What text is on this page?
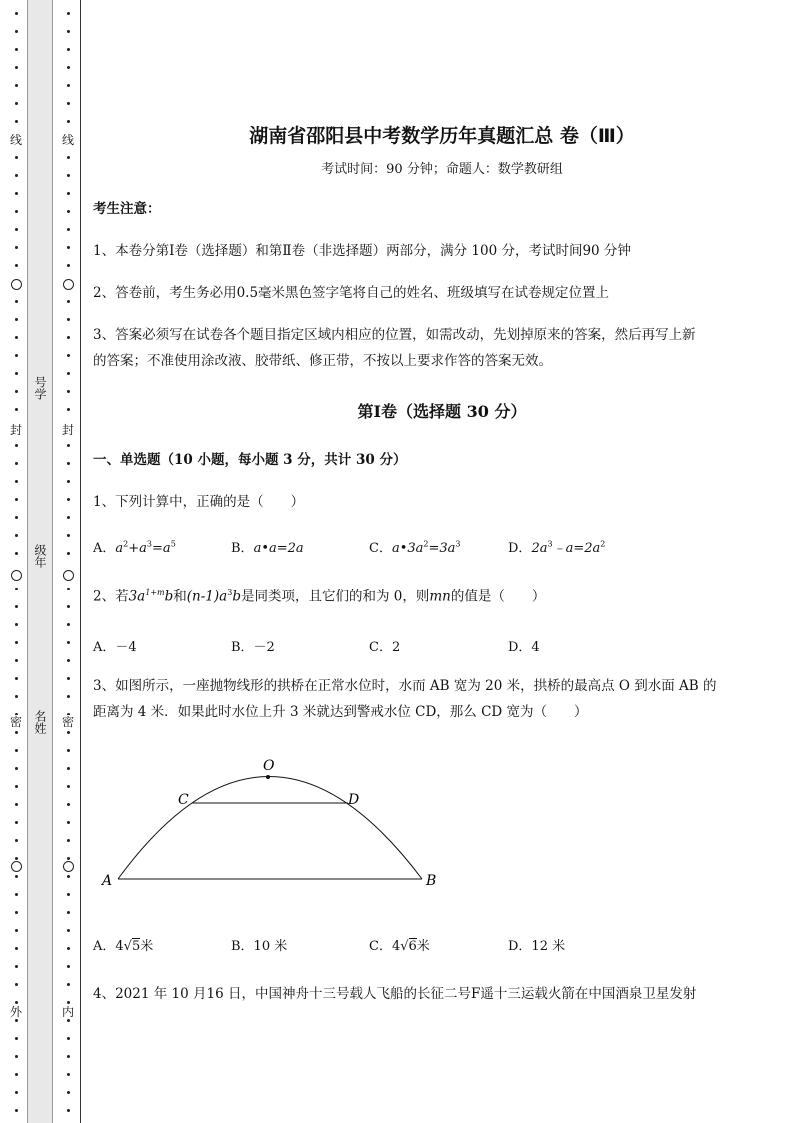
线
封
密
外
线
封
密
内
号学
级年
名姓
湖南省邵阳县中考数学历年真题汇总 卷（Ⅲ）
考试时间：90 分钟；命题人：数学教研组
考生注意：
1、本卷分第Ⅰ卷（选择题）和第Ⅱ卷（非选择题）两部分，满分 100 分，考试时间90 分钟
2、答卷前，考生务必用0.5毫米黑色签字笔将自己的姓名、班级填写在试卷规定位置上
3、答案必须写在试卷各个题目指定区域内相应的位置，如需改动，先划掉原来的答案，然后再写上新
的答案；不准使用涂改液、胶带纸、修正带，不按以上要求作答的答案无效。
第Ⅰ卷（选择题 30 分）
一、单选题（10 小题，每小题 3 分，共计 30 分）
1、下列计算中，正确的是（　　）
A．$a^2+a^3=a^5$	B．a•a=2a	C．$a•3a^2=3a^3$	D．$2a^3﹣a=2a^2$
2、若$3a^{1+m}b$和$(n-1)a^3b$是同类项，且它们的和为 0，则mn的值是（　　）
A．－4	B．－2	C．2	D．4
3、如图所示，一座抛物线形的拱桥在正常水位时，水而 AB 宽为 20 米，拱桥的最高点 O 到水面 AB 的
距离为 4 米．如果此时水位上升 3 米就达到警戒水位 CD，那么 CD 宽为（　　）
O
C	D
A	B
A．4√5米	B．10 米	C．4√6米	D．12 米
4、2021 年 10 月16 日，中国神舟十三号载人飞船的长征二号F遥十三运载火箭在中国酒泉卫星发射
